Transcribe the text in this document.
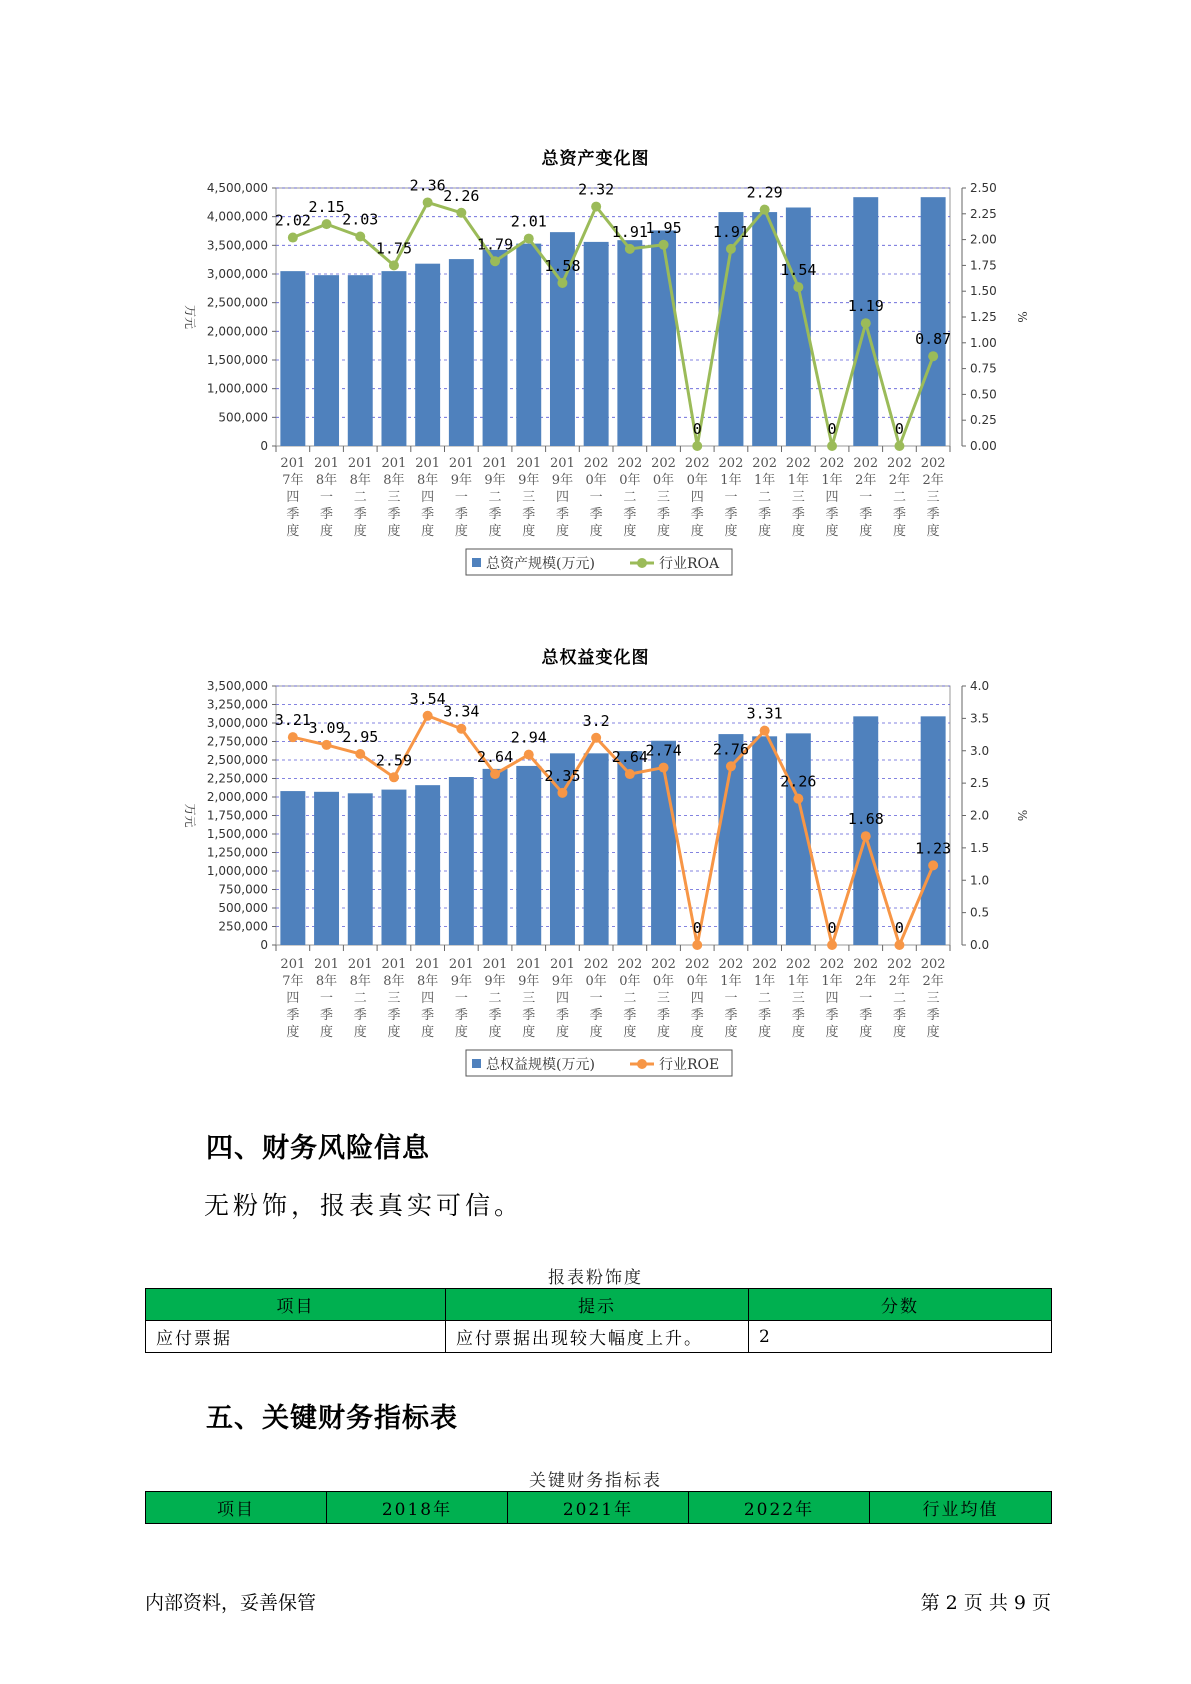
总资产变化图
0
500,000
1,000,000
1,500,000
2,000,000
2,500,000
3,000,000
3,500,000
4,000,000
4,500,000
0.00
0.25
0.50
0.75
1.00
1.25
1.50
1.75
2.00
2.25
2.50
万元	%
201 7年四季度
201 8年一季度
201 8年二季度
201 8年三季度
201 8年四季度
201 9年一季度
201 9年二季度
201 9年三季度
201 9年四季度
202 0年一季度
202 0年二季度
202 0年三季度
202 0年四季度
202 1年一季度
202 1年二季度
202 1年三季度
202 1年四季度
202 2年一季度
202 2年二季度
202 2年三季度
2.02
2.15
2.03
1.75
2.36
2.26
1.79
2.01
1.58
2.32
1.91
1.95
0
1.91
2.29
1.54
0
1.19
0
0.87
总资产规模(万元)	行业ROA
总权益变化图
0
250,000
500,000
750,000
1,000,000
1,250,000
1,500,000
1,750,000
2,000,000
2,250,000
2,500,000
2,750,000
3,000,000
3,250,000
3,500,000
0.0
0.5
1.0
1.5
2.0
2.5
3.0
3.5
4.0
万元	%
201 7年四季度
201 8年一季度
201 8年二季度
201 8年三季度
201 8年四季度
201 9年一季度
201 9年二季度
201 9年三季度
201 9年四季度
202 0年一季度
202 0年二季度
202 0年三季度
202 0年四季度
202 1年一季度
202 1年二季度
202 1年三季度
202 1年四季度
202 2年一季度
202 2年二季度
202 2年三季度
3.21
3.09
2.95
2.59
3.54
3.34
2.64
2.94
2.35
3.2
2.64
2.74
0
2.76
3.31
2.26
0
1.68
0
1.23
总权益规模(万元)	行业ROE
四、财务风险信息
无粉饰，报表真实可信。
报表粉饰度
项目	提示	分数
应付票据	应付票据出现较大幅度上升。	2
五、关键财务指标表
关键财务指标表
项目	2018年	2021年	2022年	行业均值
内部资料，妥善保管	第 2 页 共 9 页
